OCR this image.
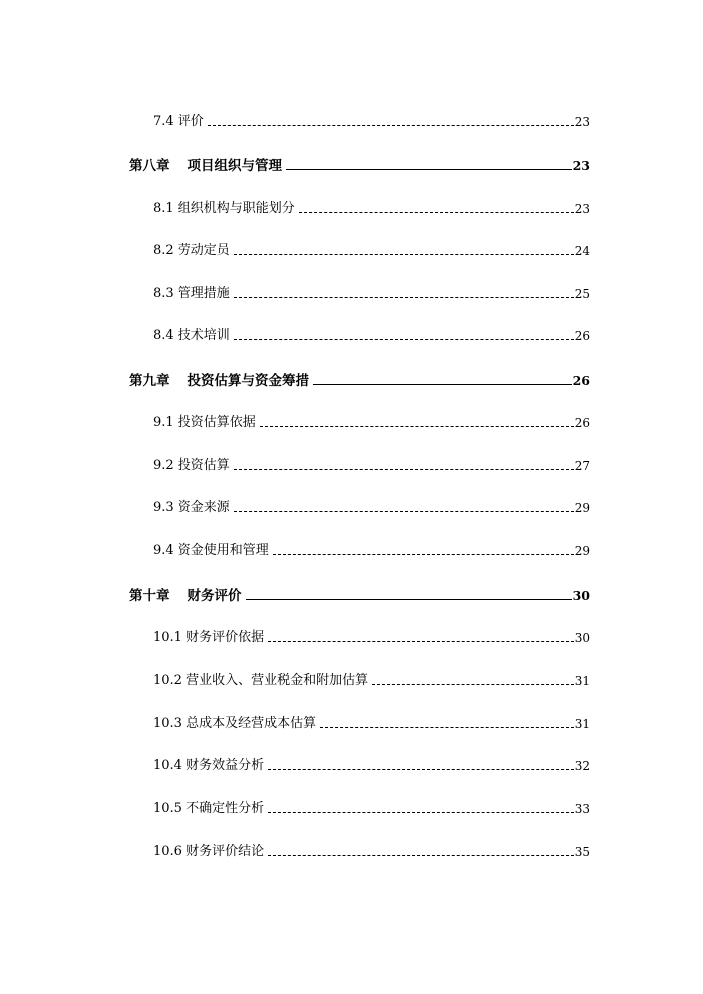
7.4 评价	23
第八章 项目组织与管理	23
8.1 组织机构与职能划分	23
8.2 劳动定员	24
8.3 管理措施	25
8.4 技术培训	26
第九章 投资估算与资金筹措	26
9.1 投资估算依据	26
9.2 投资估算	27
9.3 资金来源	29
9.4 资金使用和管理	29
第十章 财务评价	30
10.1 财务评价依据	30
10.2 营业收入、营业税金和附加估算	31
10.3 总成本及经营成本估算	31
10.4 财务效益分析	32
10.5 不确定性分析	33
10.6 财务评价结论	35
